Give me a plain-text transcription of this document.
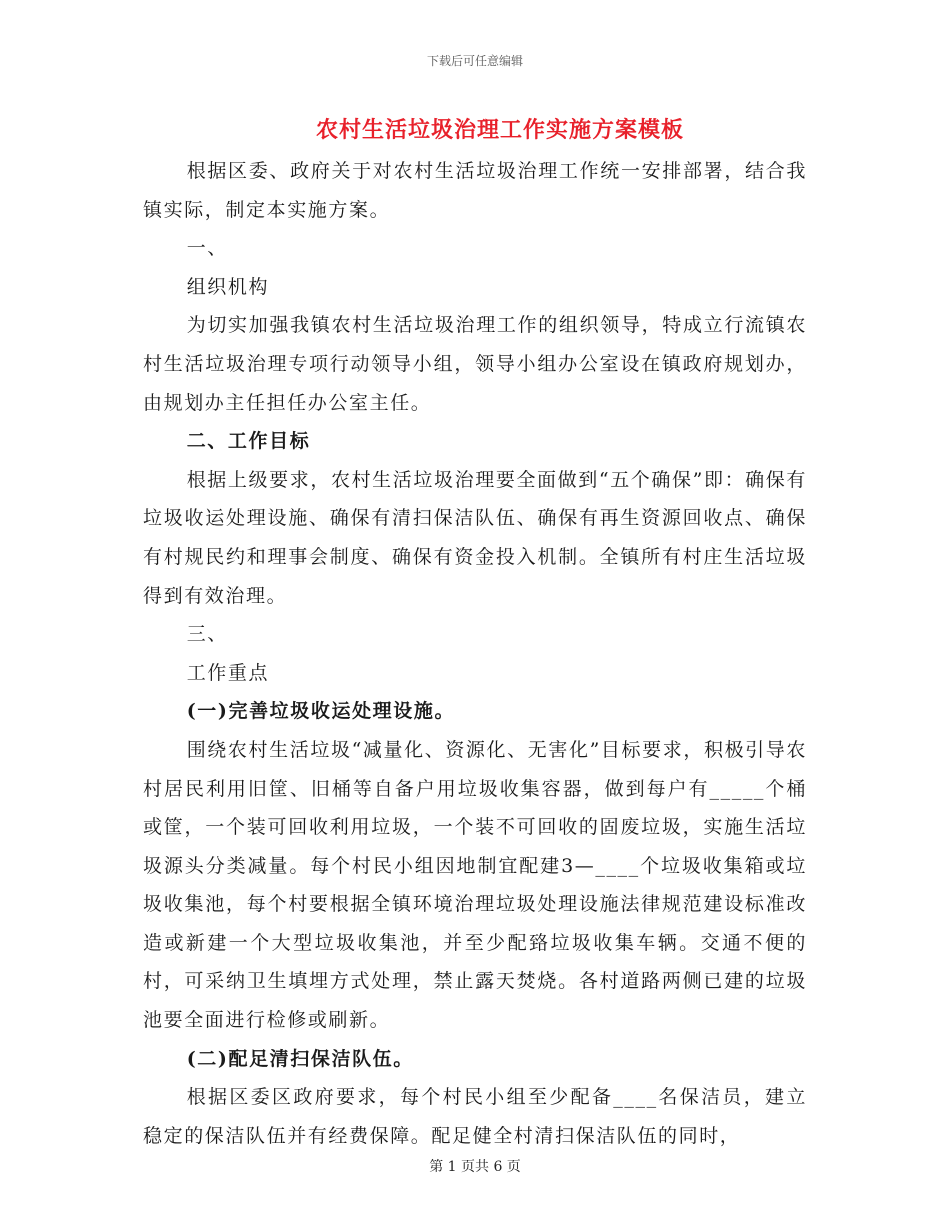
下载后可任意编辑
农村生活垃圾治理工作实施方案模板

根据区委、政府关于对农村生活垃圾治理工作统一安排部署，结合我镇实际，制定本实施方案。

一、

组织机构

为切实加强我镇农村生活垃圾治理工作的组织领导，特成立行流镇农村生活垃圾治理专项行动领导小组，领导小组办公室设在镇政府规划办，由规划办主任担任办公室主任。

二、工作目标

根据上级要求，农村生活垃圾治理要全面做到“五个确保”即：确保有垃圾收运处理设施、确保有清扫保洁队伍、确保有再生资源回收点、确保有村规民约和理事会制度、确保有资金投入机制。全镇所有村庄生活垃圾得到有效治理。

三、

工作重点

(一)完善垃圾收运处理设施。

围绕农村生活垃圾“减量化、资源化、无害化”目标要求，积极引导农村居民利用旧筐、旧桶等自备户用垃圾收集容器，做到每户有_____个桶或筐，一个装可回收利用垃圾，一个装不可回收的固废垃圾，实施生活垃圾源头分类减量。每个村民小组因地制宜配建3—____个垃圾收集箱或垃圾收集池，每个村要根据全镇环境治理垃圾处理设施法律规范建设标准改造或新建一个大型垃圾收集池，并至少配臵垃圾收集车辆。交通不便的村，可采纳卫生填埋方式处理，禁止露天焚烧。各村道路两侧已建的垃圾池要全面进行检修或刷新。

(二)配足清扫保洁队伍。

根据区委区政府要求，每个村民小组至少配备____名保洁员，建立稳定的保洁队伍并有经费保障。配足健全村清扫保洁队伍的同时，

第 1 页共 6 页
